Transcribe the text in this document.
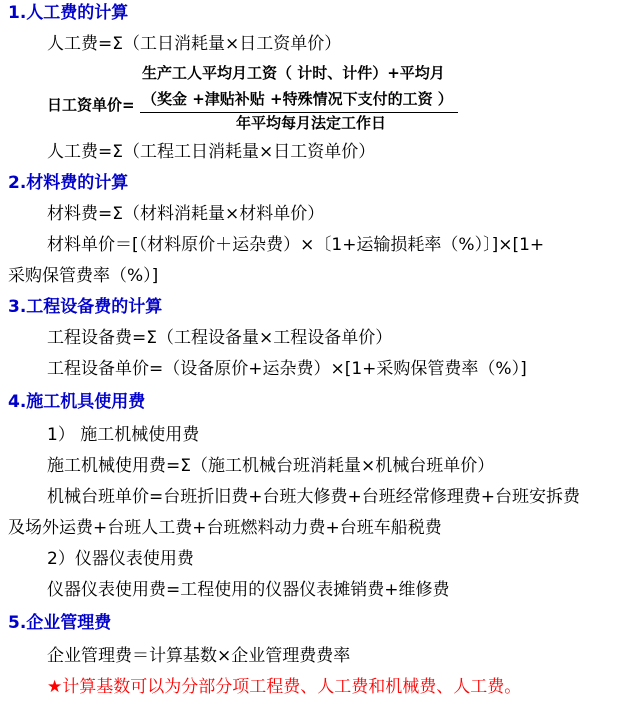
1.人工费的计算
人工费=Σ（工日消耗量×日工资单价）
日工资单价=
生产工人平均月工资（ 计时、计件）+平均月
（奖金 +津贴补贴 +特殊情况下支付的工资 ）
年平均每月法定工作日
人工费=Σ（工程工日消耗量×日工资单价）
2.材料费的计算
材料费=Σ（材料消耗量×材料单价）
材料单价＝[（材料原价＋运杂费）×〔1+运输损耗率（%）〕]×[1+
采购保管费率（%）]
3.工程设备费的计算
工程设备费=Σ（工程设备量×工程设备单价）
工程设备单价=（设备原价+运杂费）×[1+采购保管费率（%）]
4.施工机具使用费
1） 施工机械使用费
施工机械使用费=Σ（施工机械台班消耗量×机械台班单价）
机械台班单价=台班折旧费+台班大修费+台班经常修理费+台班安拆费
及场外运费+台班人工费+台班燃料动力费+台班车船税费
2）仪器仪表使用费
仪器仪表使用费=工程使用的仪器仪表摊销费+维修费
5.企业管理费
企业管理费＝计算基数×企业管理费费率
★计算基数可以为分部分项工程费、人工费和机械费、人工费。
